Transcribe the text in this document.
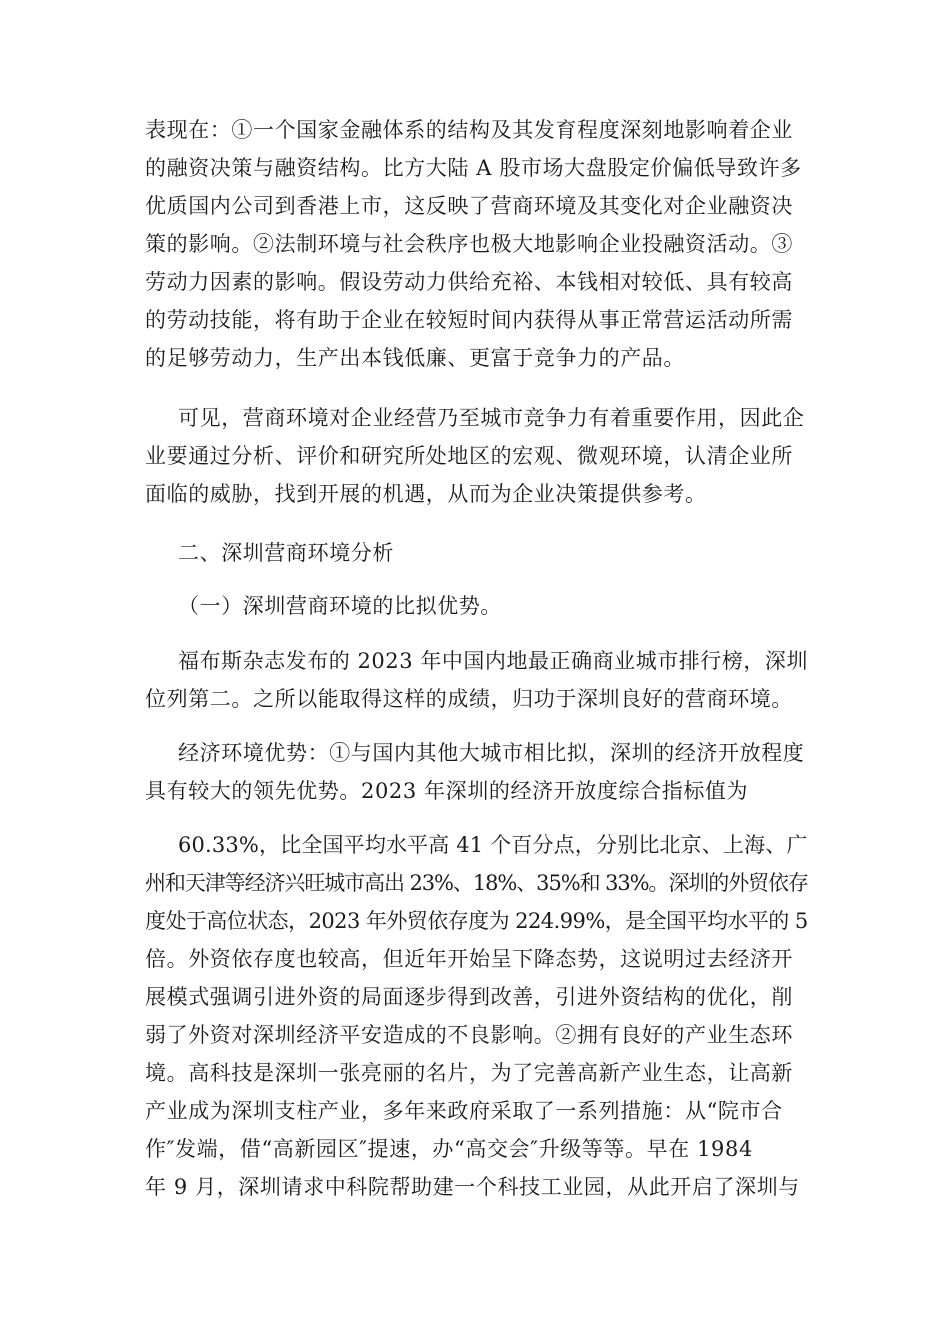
表现在：①一个国家金融体系的结构及其发育程度深刻地影响着企业
的融资决策与融资结构。比方大陆 A 股市场大盘股定价偏低导致许多
优质国内公司到香港上市，这反映了营商环境及其变化对企业融资决
策的影响。②法制环境与社会秩序也极大地影响企业投融资活动。③
劳动力因素的影响。假设劳动力供给充裕、本钱相对较低、具有较高
的劳动技能，将有助于企业在较短时间内获得从事正常营运活动所需
的足够劳动力，生产出本钱低廉、更富于竞争力的产品。
可见，营商环境对企业经营乃至城市竞争力有着重要作用，因此企
业要通过分析、评价和研究所处地区的宏观、微观环境，认清企业所
面临的威胁，找到开展的机遇，从而为企业决策提供参考。
二、深圳营商环境分析
（一）深圳营商环境的比拟优势。
福布斯杂志发布的 2023 年中国内地最正确商业城市排行榜，深圳
位列第二。之所以能取得这样的成绩，归功于深圳良好的营商环境。
经济环境优势：①与国内其他大城市相比拟，深圳的经济开放程度
具有较大的领先优势。2023 年深圳的经济开放度综合指标值为
60.33%，比全国平均水平高 41 个百分点，分别比北京、上海、广
州和天津等经济兴旺城市高出 23%、18%、35%和 33%。深圳的外贸依存
度处于高位状态，2023 年外贸依存度为 224.99%，是全国平均水平的 5
倍。外资依存度也较高，但近年开始呈下降态势，这说明过去经济开
展模式强调引进外资的局面逐步得到改善，引进外资结构的优化，削
弱了外资对深圳经济平安造成的不良影响。②拥有良好的产业生态环
境。高科技是深圳一张亮丽的名片，为了完善高新产业生态，让高新
产业成为深圳支柱产业，多年来政府采取了一系列措施：从“院市合
作″发端，借“高新园区″提速，办“高交会″升级等等。早在 1984
年 9 月，深圳请求中科院帮助建一个科技工业园，从此开启了深圳与
